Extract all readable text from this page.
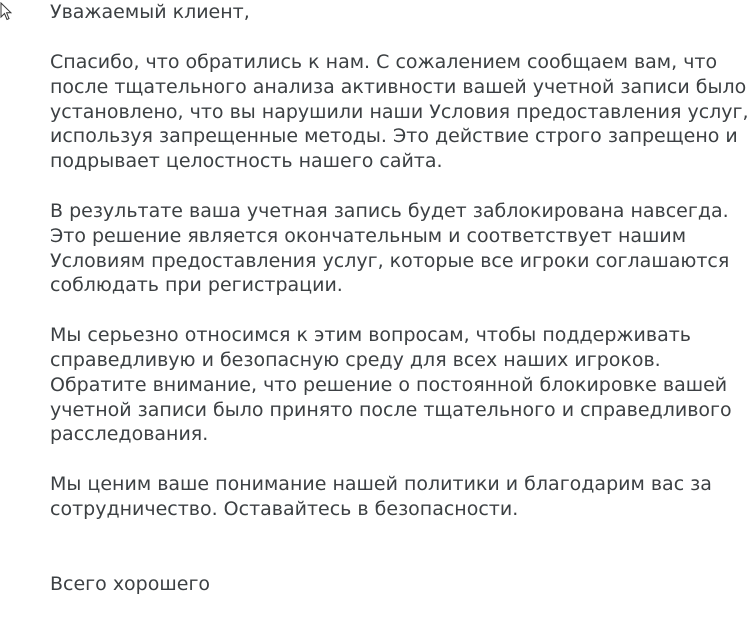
Уважаемый клиент,

Спасибо, что обратились к нам. С сожалением сообщаем вам, что
после тщательного анализа активности вашей учетной записи было
установлено, что вы нарушили наши Условия предоставления услуг,
используя запрещенные методы. Это действие строго запрещено и
подрывает целостность нашего сайта.

В результате ваша учетная запись будет заблокирована навсегда.
Это решение является окончательным и соответствует нашим
Условиям предоставления услуг, которые все игроки соглашаются
соблюдать при регистрации.

Мы серьезно относимся к этим вопросам, чтобы поддерживать
справедливую и безопасную среду для всех наших игроков.
Обратите внимание, что решение о постоянной блокировке вашей
учетной записи было принято после тщательного и справедливого
расследования.

Мы ценим ваше понимание нашей политики и благодарим вас за
сотрудничество. Оставайтесь в безопасности.

Всего хорошего
